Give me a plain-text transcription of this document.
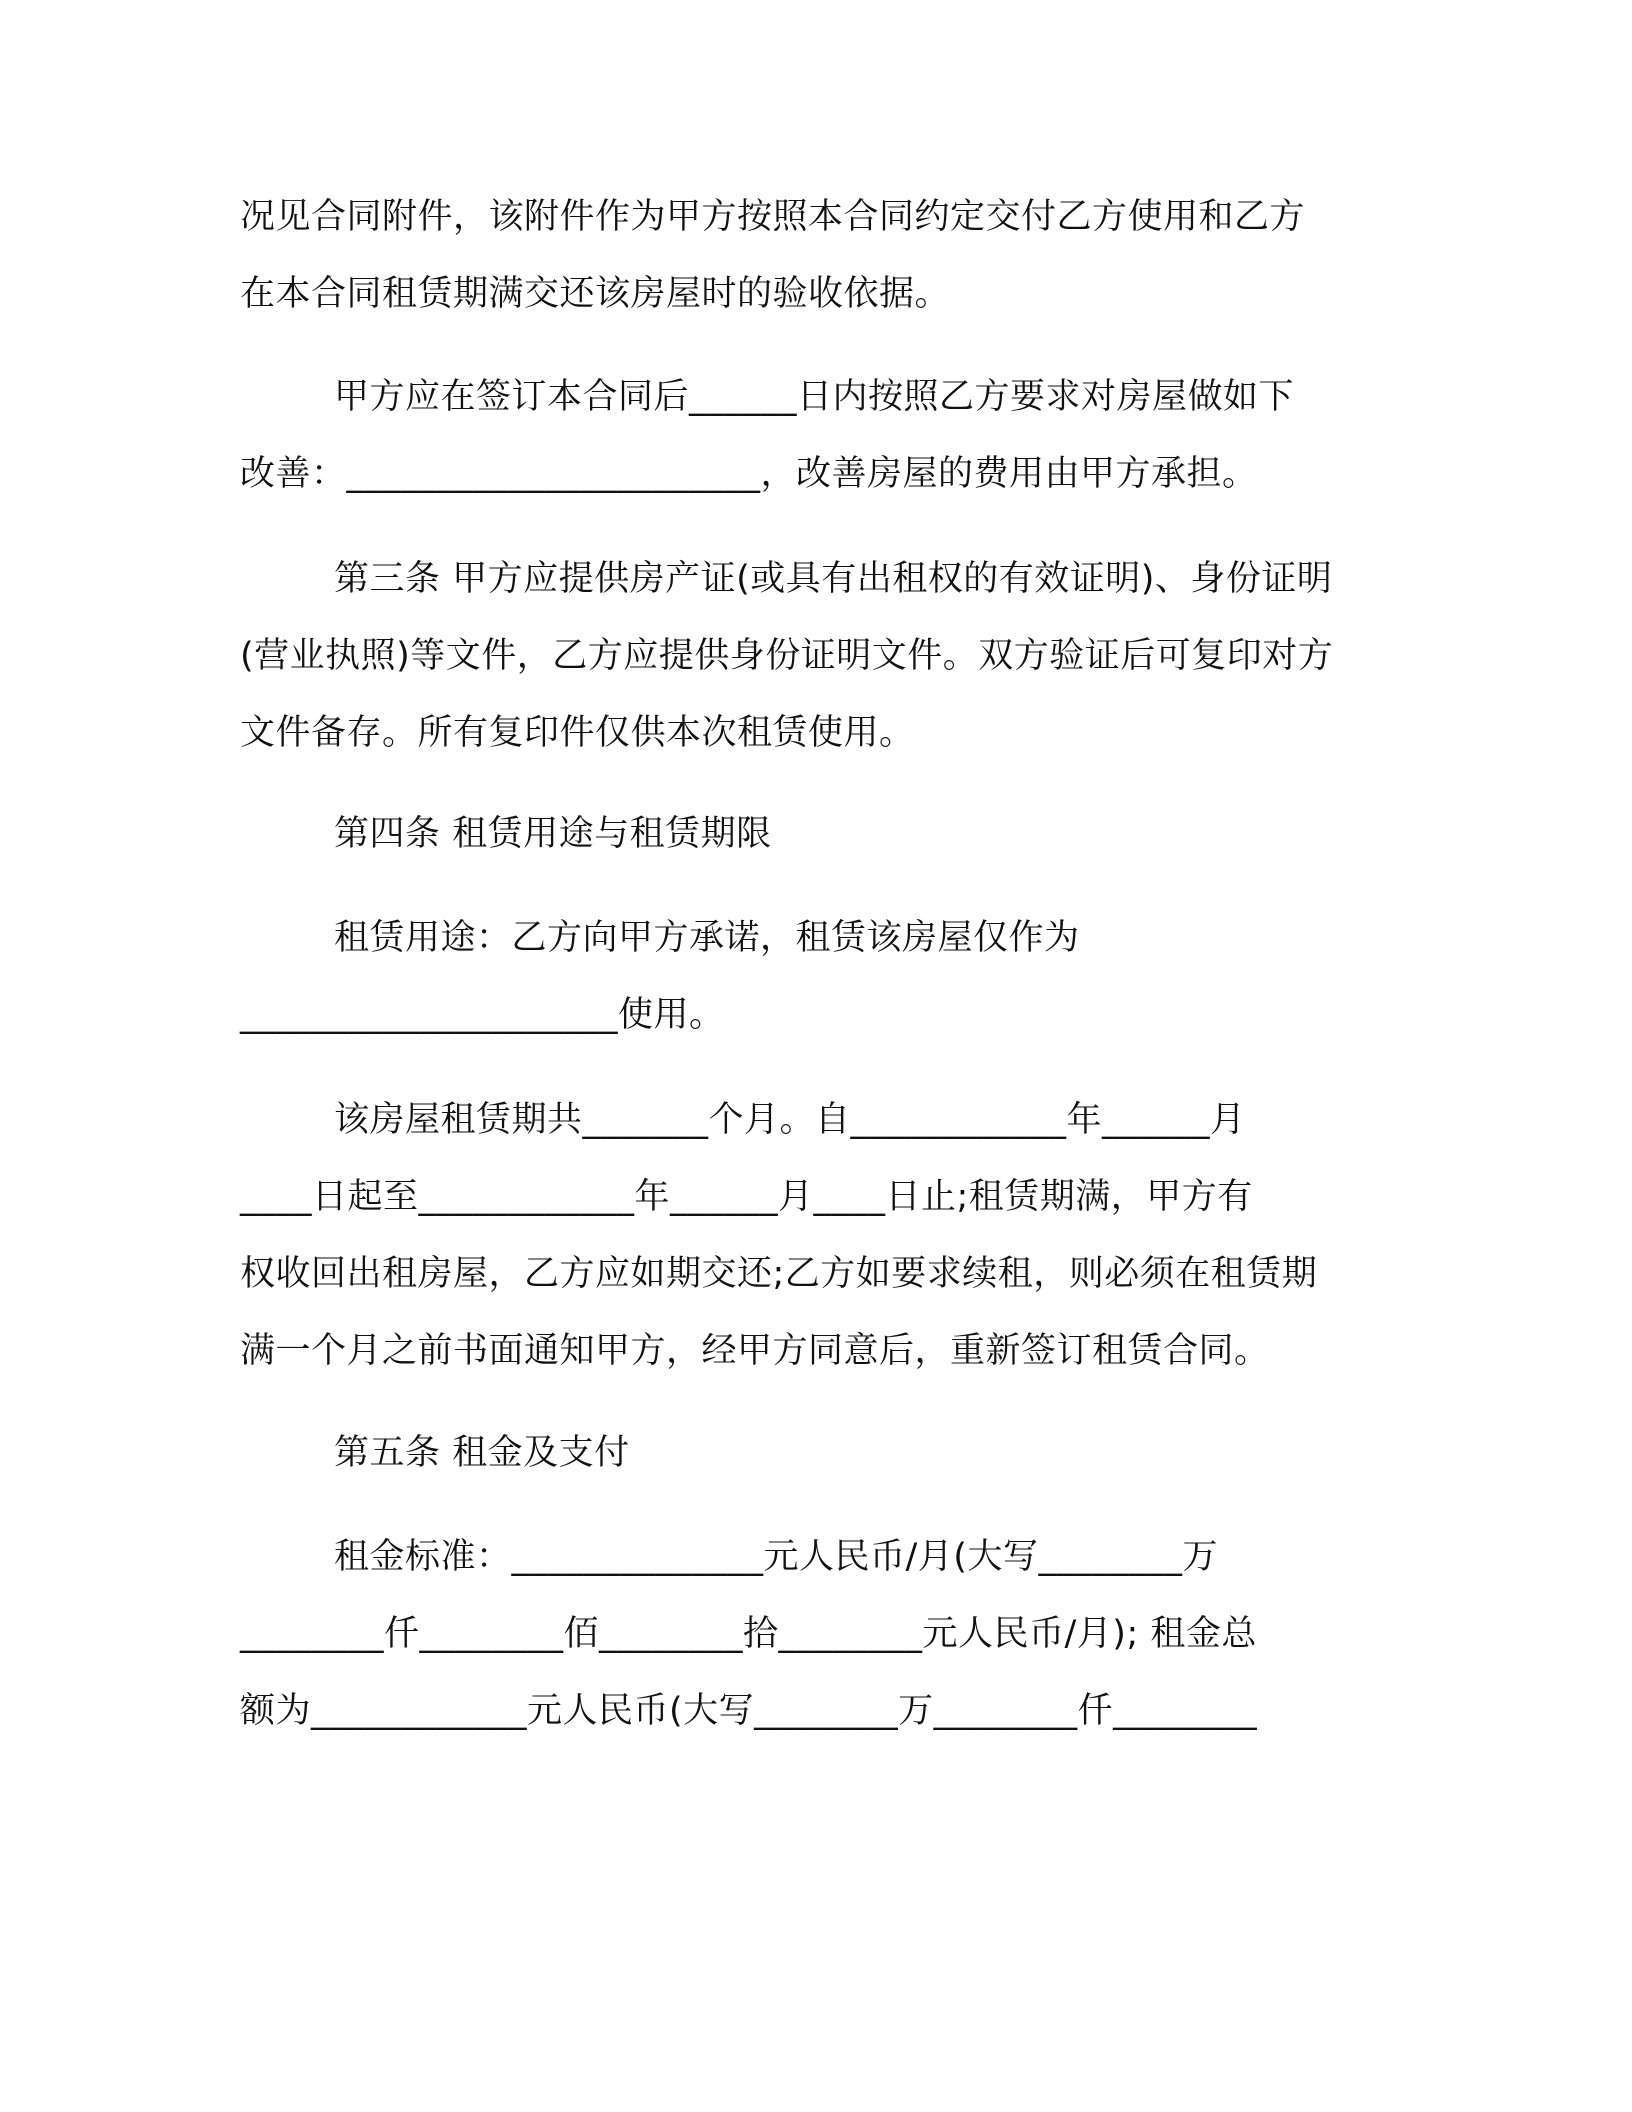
况见合同附件，该附件作为甲方按照本合同约定交付乙方使用和乙方
在本合同租赁期满交还该房屋时的验收依据。
甲方应在签订本合同后______日内按照乙方要求对房屋做如下
改善：_______________________，改善房屋的费用由甲方承担。
第三条 甲方应提供房产证(或具有出租权的有效证明)、身份证明
(营业执照)等文件，乙方应提供身份证明文件。双方验证后可复印对方
文件备存。所有复印件仅供本次租赁使用。
第四条 租赁用途与租赁期限
租赁用途：乙方向甲方承诺，租赁该房屋仅作为
_____________________使用。
该房屋租赁期共_______个月。自____________年______月
____日起至____________年______月____日止;租赁期满，甲方有
权收回出租房屋，乙方应如期交还;乙方如要求续租，则必须在租赁期
满一个月之前书面通知甲方，经甲方同意后，重新签订租赁合同。
第五条 租金及支付
租金标准：______________元人民币/月(大写________万
________仟________佰________拾________元人民币/月); 租金总
额为____________元人民币(大写________万________仟________
